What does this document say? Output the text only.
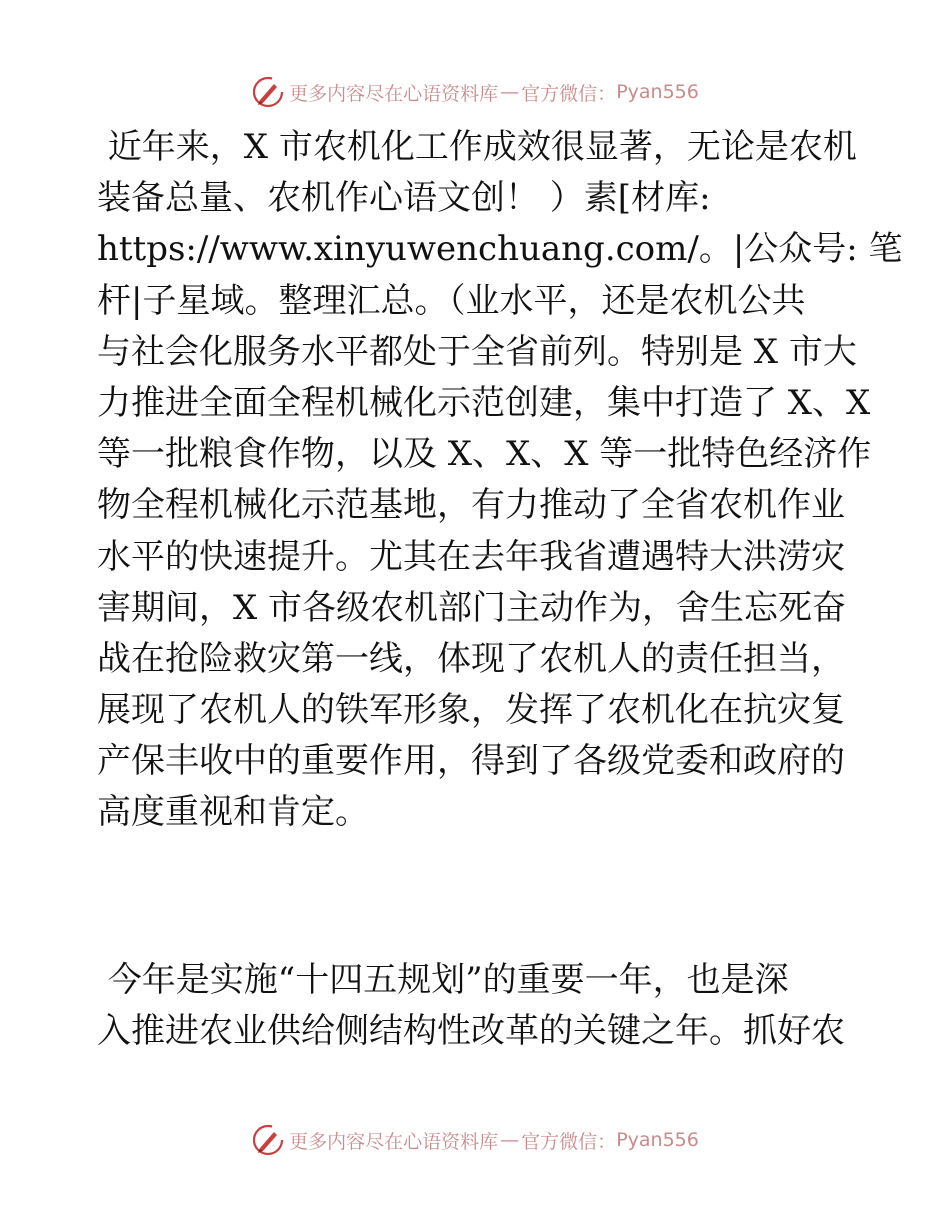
更多内容尽在心语资料库 — 官方微信： Pyan556
近年来，X 市农机化工作成效很显著，无论是农机
装备总量、农机作心语文创！ ）素[材库:
https://www.xinyuwenchuang.com/。|公众号: 笔
杆|子星域。整理汇总。（业水平，还是农机公共
与社会化服务水平都处于全省前列。特别是 X 市大
力推进全面全程机械化示范创建，集中打造了 X、X
等一批粮食作物，以及 X、X、X 等一批特色经济作
物全程机械化示范基地，有力推动了全省农机作业
水平的快速提升。尤其在去年我省遭遇特大洪涝灾
害期间，X 市各级农机部门主动作为，舍生忘死奋
战在抢险救灾第一线，体现了农机人的责任担当，
展现了农机人的铁军形象，发挥了农机化在抗灾复
产保丰收中的重要作用，得到了各级党委和政府的
高度重视和肯定。
今年是实施“十四五规划”的重要一年，也是深
入推进农业供给侧结构性改革的关键之年。抓好农
更多内容尽在心语资料库 — 官方微信： Pyan556
